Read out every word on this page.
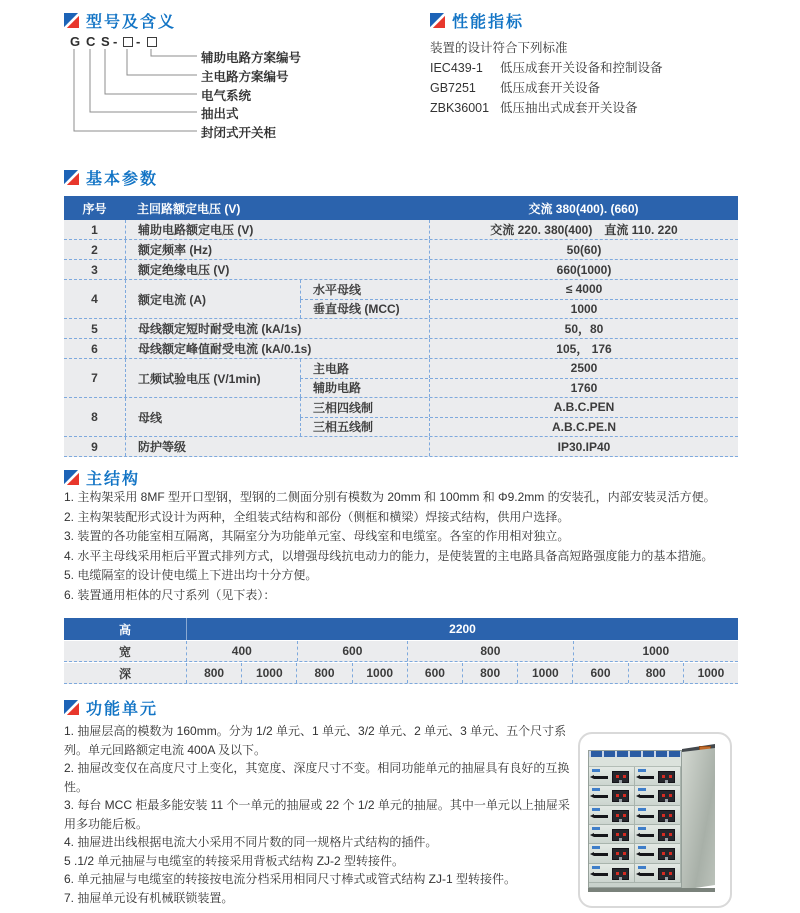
型号及含义
G C S - -
辅助电路方案编号
主电路方案编号
电气系统
抽出式
封闭式开关柜
性能指标
装置的设计符合下列标准
IEC439-1	低压成套开关设备和控制设备
GB7251	低压成套开关设备
ZBK36001 低压抽出式成套开关设备
基本参数
序号	主回路额定电压 (V)	交流 380(400). (660)
1	辅助电路额定电压 (V)	交流 220. 380(400)　直流 110. 220
2	额定频率 (Hz)	50(60)
3	额定绝缘电压 (V)	660(1000)
4	额定电流 (A)
水平母线	≤ 4000
垂直母线 (MCC)	1000
5	母线额定短时耐受电流 (kA/1s)	50，80
6	母线额定峰值耐受电流 (kA/0.1s)	105， 176
7	工频试验电压 (V/1min)
主电路	2500
辅助电路	1760
8	母线
三相四线制	A.B.C.PEN
三相五线制	A.B.C.PE.N
9	防护等级	IP30.IP40
主结构
1. 主构架采用 8MF 型开口型钢，型钢的二侧面分别有模数为 20mm 和 100mm 和 Φ9.2mm 的安装孔，内部安装灵活方便。
2. 主构架装配形式设计为两种，全组装式结构和部份（侧框和横梁）焊接式结构，供用户选择。
3. 装置的各功能室相互隔离，其隔室分为功能单元室、母线室和电缆室。各室的作用相对独立。
4. 水平主母线采用柜后平置式排列方式，以增强母线抗电动力的能力，是使装置的主电路具备高短路强度能力的基本措施。
5. 电缆隔室的设计使电缆上下进出均十分方便。
6. 装置通用柜体的尺寸系列（见下表）：
高	2200
宽	400	600	800	1000
深	800	1000	800	1000	600	800	1000	600	800	1000
功能单元
1. 抽屉层高的模数为 160mm。分为 1/2 单元、1 单元、3/2 单元、2 单元、3 单元、五个尺寸系列。单元回路额定电流 400A 及以下。
2. 抽屉改变仅在高度尺寸上变化，其宽度、深度尺寸不变。相同功能单元的抽屉具有良好的互换性。
3. 每台 MCC 柜最多能安装 11 个一单元的抽屉或 22 个 1/2 单元的抽屉。其中一单元以上抽屉采用多功能后板。
4. 抽屉进出线根据电流大小采用不同片数的同一规格片式结构的插件。
5 .1/2 单元抽屉与电缆室的转接采用背板式结构 ZJ-2 型转接件。
6. 单元抽屉与电缆室的转接按电流分档采用相同尺寸棒式或管式结构 ZJ-1 型转接件。
7. 抽屉单元设有机械联锁装置。
